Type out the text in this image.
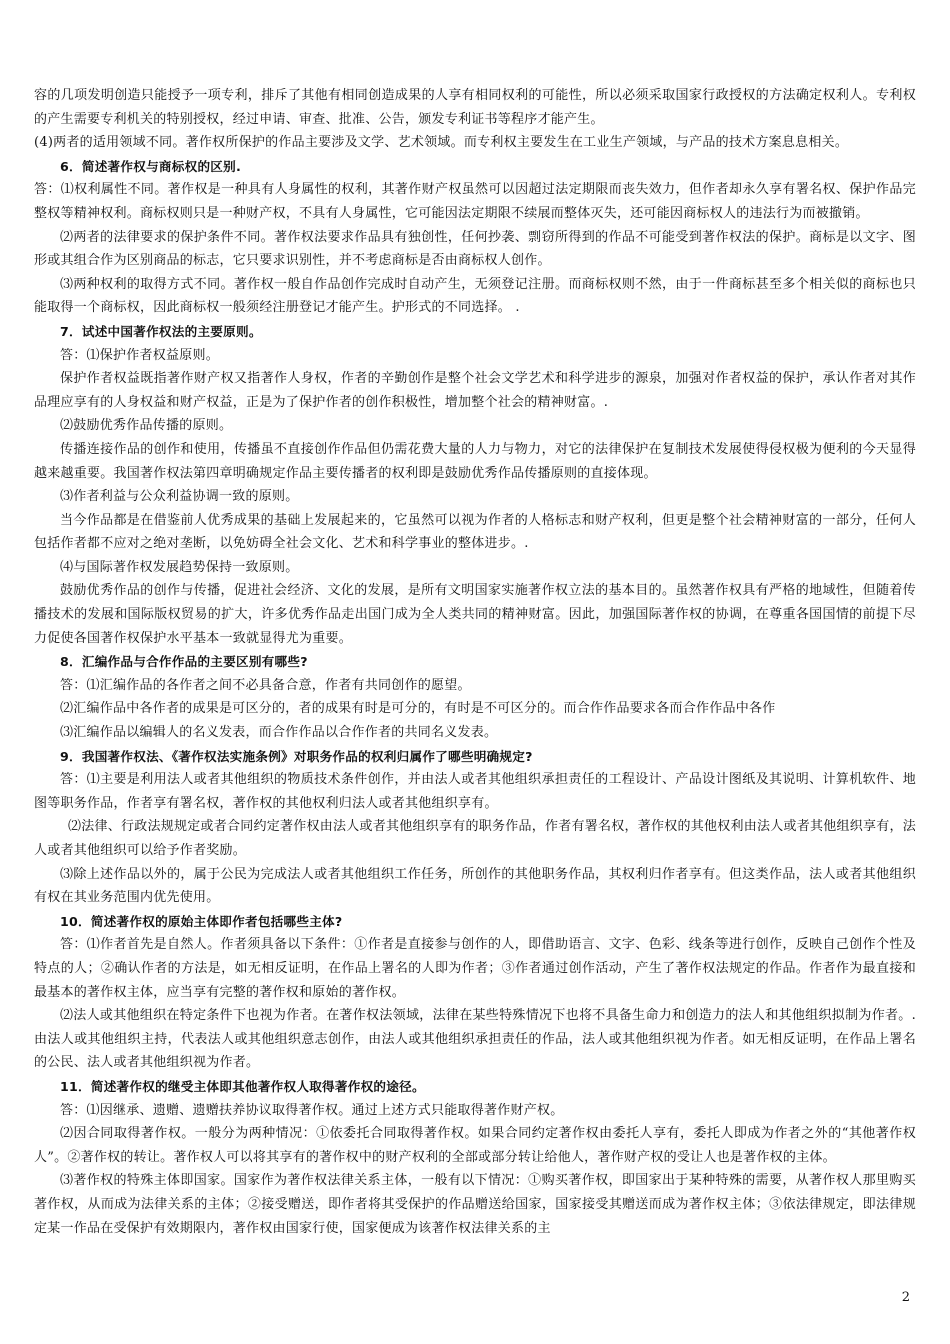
容的几项发明创造只能授予一项专利，排斥了其他有相同创造成果的人享有相同权利的可能性，所以必须采取国家行政授权的方法确定权利人。专利权的产生需要专利机关的特别授权，经过申请、审查、批准、公告，颁发专利证书等程序才能产生。

(4)两者的适用领域不同。著作权所保护的作品主要涉及文学、艺术领域。而专利权主要发生在工业生产领域，与产品的技术方案息息相关。

6．简述著作权与商标权的区别.

答：⑴权利属性不同。著作权是一种具有人身属性的权利，其著作财产权虽然可以因超过法定期限而丧失效力，但作者却永久享有署名权、保护作品完整权等精神权利。商标权则只是一种财产权，不具有人身属性，它可能因法定期限不续展而整体灭失，还可能因商标权人的违法行为而被撤销。

⑵两者的法律要求的保护条件不同。著作权法要求作品具有独创性，任何抄袭、剽窃所得到的作品不可能受到著作权法的保护。商标是以文字、图形或其组合作为区别商品的标志，它只要求识别性，并不考虑商标是否由商标权人创作。

⑶两种权利的取得方式不同。著作权一般自作品创作完成时自动产生，无须登记注册。而商标权则不然，由于一件商标甚至多个相关似的商标也只能取得一个商标权，因此商标权一般须经注册登记才能产生。护形式的不同选择。 .

7．试述中国著作权法的主要原则。

答：⑴保护作者权益原则。

保护作者权益既指著作财产权又指著作人身权，作者的辛勤创作是整个社会文学艺术和科学进步的源泉，加强对作者权益的保护，承认作者对其作品理应享有的人身权益和财产权益，正是为了保护作者的创作积极性，增加整个社会的精神财富。.

⑵鼓励优秀作品传播的原则。

传播连接作品的创作和使用，传播虽不直接创作作品但仍需花费大量的人力与物力，对它的法律保护在复制技术发展使得侵权极为便利的今天显得越来越重要。我国著作权法第四章明确规定作品主要传播者的权利即是鼓励优秀作品传播原则的直接体现。

⑶作者利益与公众利益协调一致的原则。

当今作品都是在借鉴前人优秀成果的基础上发展起来的，它虽然可以视为作者的人格标志和财产权利，但更是整个社会精神财富的一部分，任何人包括作者都不应对之绝对垄断，以免妨碍全社会文化、艺术和科学事业的整体进步。.

⑷与国际著作权发展趋势保持一致原则。

鼓励优秀作品的创作与传播，促进社会经济、文化的发展，是所有文明国家实施著作权立法的基本目的。虽然著作权具有严格的地域性，但随着传播技术的发展和国际版权贸易的扩大，许多优秀作品走出国门成为全人类共同的精神财富。因此，加强国际著作权的协调，在尊重各国国情的前提下尽力促使各国著作权保护水平基本一致就显得尤为重要。

8．汇编作品与合作作品的主要区别有哪些?

答：⑴汇编作品的各作者之间不必具备合意，作者有共同创作的愿望。

⑵汇编作品中各作者的成果是可区分的，者的成果有时是可分的，有时是不可区分的。而合作作品要求各而合作作品中各作

⑶汇编作品以编辑人的名义发表，而合作作品以合作作者的共同名义发表。

9．我国著作权法、《著作权法实施条例》对职务作品的权利归属作了哪些明确规定?

答：⑴主要是利用法人或者其他组织的物质技术条件创作，并由法人或者其他组织承担责任的工程设计、产品设计图纸及其说明、计算机软件、地图等职务作品，作者享有署名权，著作权的其他权利归法人或者其他组织享有。

⑵法律、行政法规规定或者合同约定著作权由法人或者其他组织享有的职务作品，作者有署名权，著作权的其他权利由法人或者其他组织享有，法人或者其他组织可以给予作者奖励。

⑶除上述作品以外的，属于公民为完成法人或者其他组织工作任务，所创作的其他职务作品，其权利归作者享有。但这类作品，法人或者其他组织有权在其业务范围内优先使用。

10．简述著作权的原始主体即作者包括哪些主体?

答：⑴作者首先是自然人。作者须具备以下条件：①作者是直接参与创作的人，即借助语言、文字、色彩、线条等进行创作，反映自己创作个性及特点的人；②确认作者的方法是，如无相反证明，在作品上署名的人即为作者；③作者通过创作活动，产生了著作权法规定的作品。作者作为最直接和最基本的著作权主体，应当享有完整的著作权和原始的著作权。

⑵法人或其他组织在特定条件下也视为作者。在著作权法领域，法律在某些特殊情况下也将不具备生命力和创造力的法人和其他组织拟制为作者。.由法人或其他组织主持，代表法人或其他组织意志创作，由法人或其他组织承担责任的作品，法人或其他组织视为作者。如无相反证明，在作品上署名的公民、法人或者其他组织视为作者。

11．简述著作权的继受主体即其他著作权人取得著作权的途径。

答：⑴因继承、遗赠、遗赠扶养协议取得著作权。通过上述方式只能取得著作财产权。

⑵因合同取得著作权。一般分为两种情况：①依委托合同取得著作权。如果合同约定著作权由委托人享有，委托人即成为作者之外的“其他著作权人”。②著作权的转让。著作权人可以将其享有的著作权中的财产权利的全部或部分转让给他人，著作财产权的受让人也是著作权的主体。

⑶著作权的特殊主体即国家。国家作为著作权法律关系主体，一般有以下情况：①购买著作权，即国家出于某种特殊的需要，从著作权人那里购买著作权，从而成为法律关系的主体；②接受赠送，即作者将其受保护的作品赠送给国家，国家接受其赠送而成为著作权主体；③依法律规定，即法律规定某一作品在受保护有效期限内，著作权由国家行使，国家便成为该著作权法律关系的主

2
